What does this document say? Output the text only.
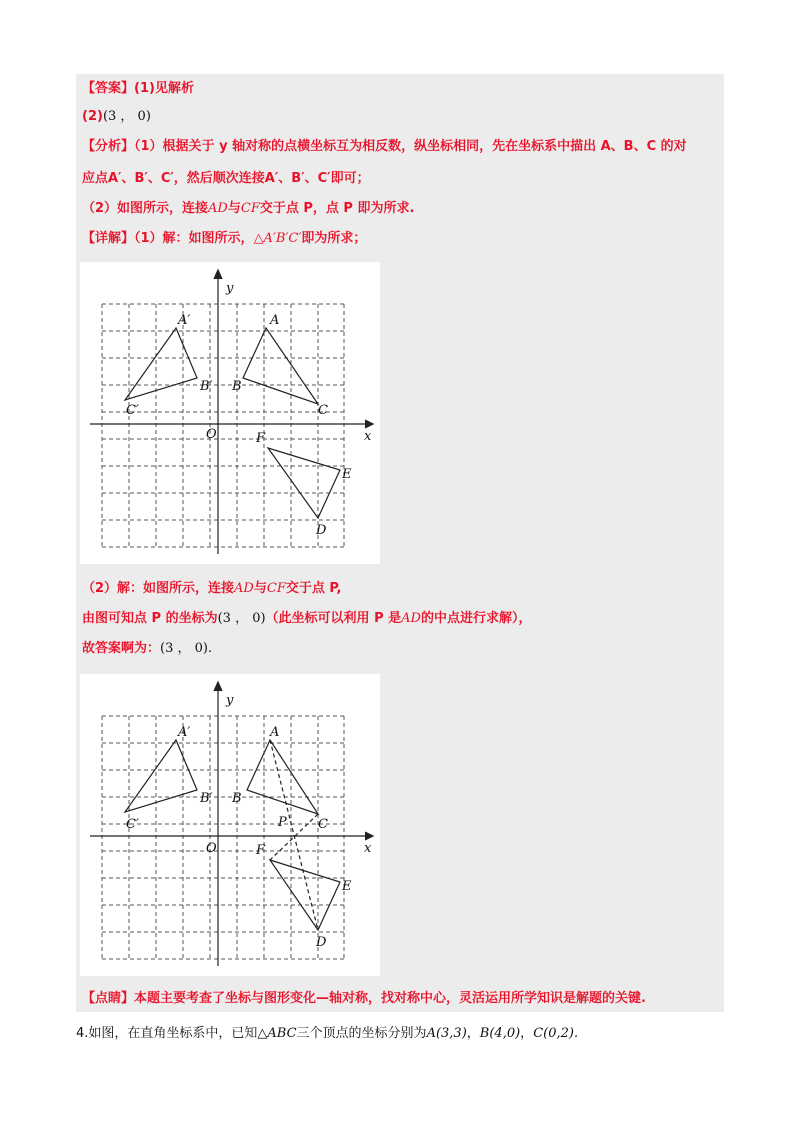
【答案】(1)见解析
(2)(3 ， 0)
【分析】（1）根据关于 y 轴对称的点横坐标互为相反数，纵坐标相同，先在坐标系中描出 A、B、C 的对
应点A′、B′、C′，然后顺次连接A′、B′、C′即可；
（2）如图所示，连接AD与CF交于点 P，点 P 即为所求.
【详解】（1）解：如图所示，△A′B′C′即为所求；
x
y
O
A
B
C
A′
B′
C′
F
E
D
（2）解：如图所示，连接AD与CF交于点 P,
由图可知点 P 的坐标为(3 ， 0)（此坐标可以利用 P 是AD的中点进行求解），
故答案啊为：(3 ， 0).
x
y
O
A
B
C
A′
B′
C′
F
E
D
P
【点睛】本题主要考查了坐标与图形变化—轴对称，找对称中心，灵活运用所学知识是解题的关键.
4.如图，在直角坐标系中，已知△ABC三个顶点的坐标分别为A(3,3)，B(4,0)，C(0,2).
